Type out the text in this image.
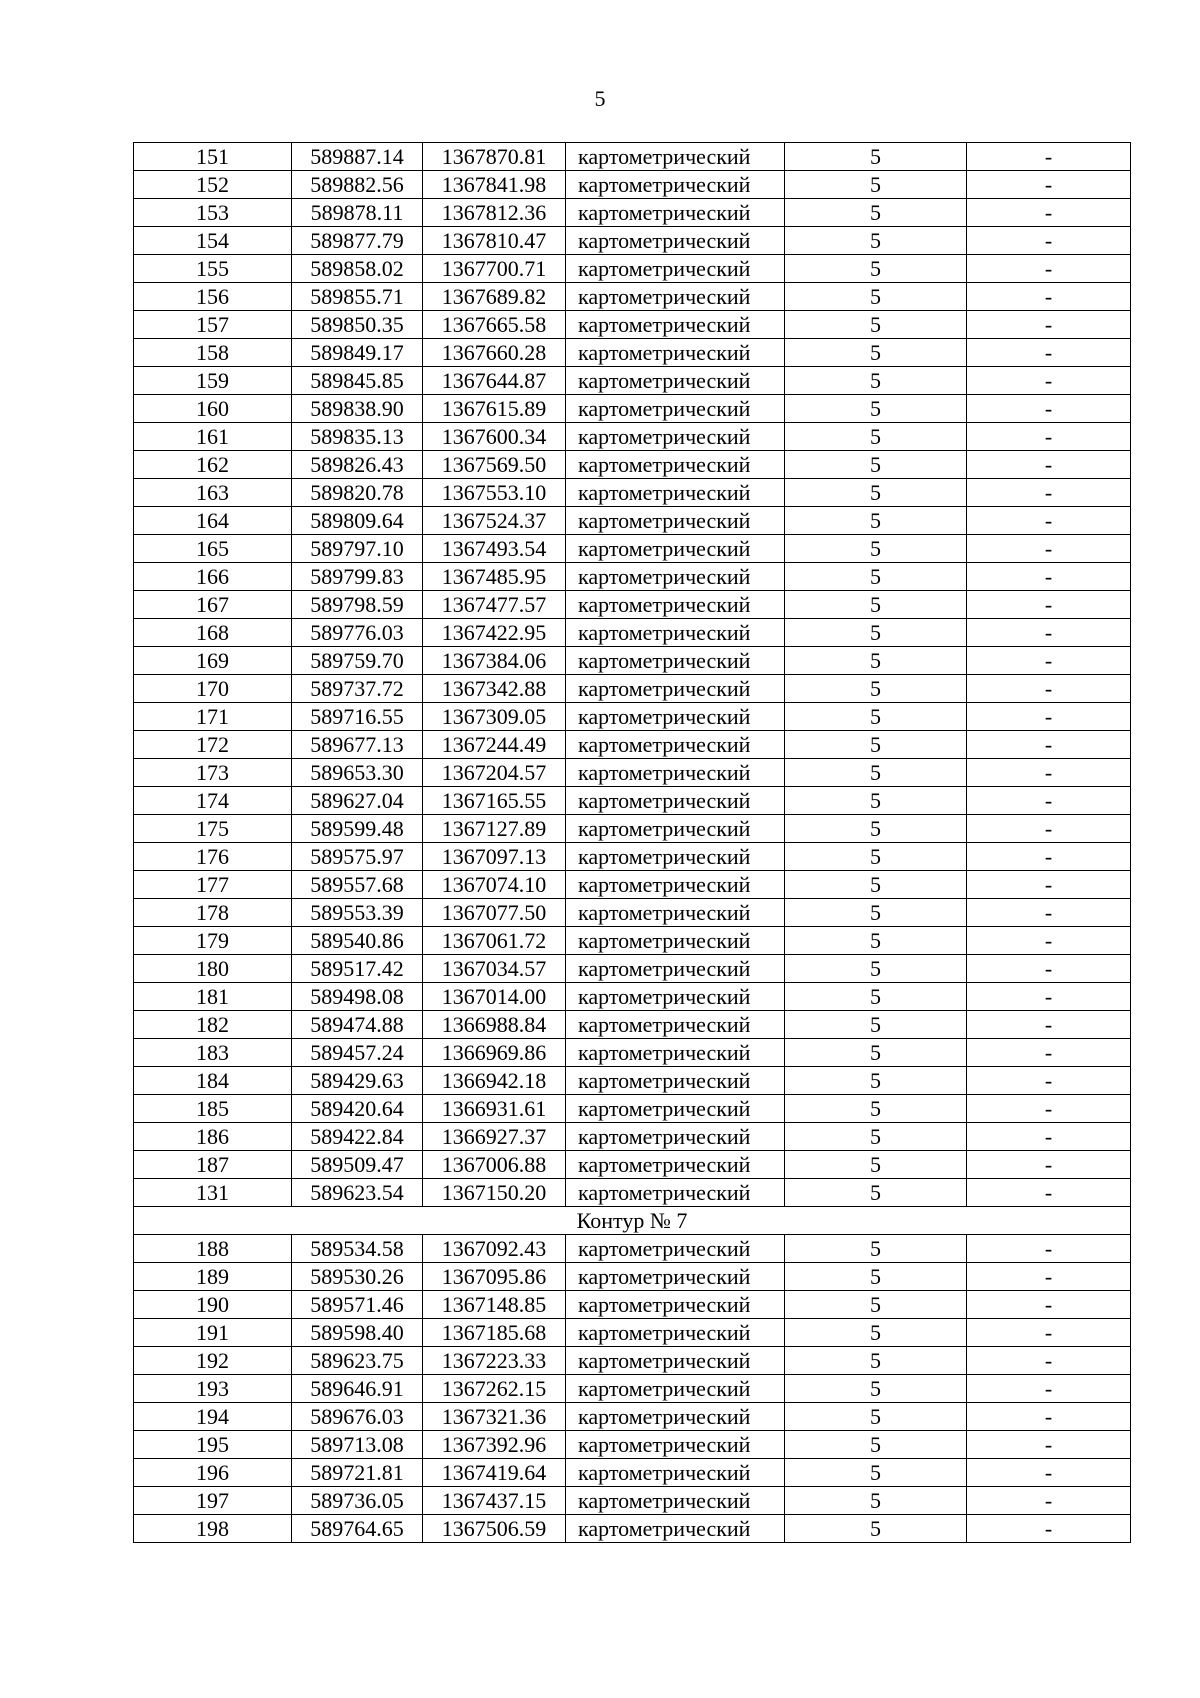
5
151	589887.14	1367870.81	картометрический	5	-
152	589882.56	1367841.98	картометрический	5	-
153	589878.11	1367812.36	картометрический	5	-
154	589877.79	1367810.47	картометрический	5	-
155	589858.02	1367700.71	картометрический	5	-
156	589855.71	1367689.82	картометрический	5	-
157	589850.35	1367665.58	картометрический	5	-
158	589849.17	1367660.28	картометрический	5	-
159	589845.85	1367644.87	картометрический	5	-
160	589838.90	1367615.89	картометрический	5	-
161	589835.13	1367600.34	картометрический	5	-
162	589826.43	1367569.50	картометрический	5	-
163	589820.78	1367553.10	картометрический	5	-
164	589809.64	1367524.37	картометрический	5	-
165	589797.10	1367493.54	картометрический	5	-
166	589799.83	1367485.95	картометрический	5	-
167	589798.59	1367477.57	картометрический	5	-
168	589776.03	1367422.95	картометрический	5	-
169	589759.70	1367384.06	картометрический	5	-
170	589737.72	1367342.88	картометрический	5	-
171	589716.55	1367309.05	картометрический	5	-
172	589677.13	1367244.49	картометрический	5	-
173	589653.30	1367204.57	картометрический	5	-
174	589627.04	1367165.55	картометрический	5	-
175	589599.48	1367127.89	картометрический	5	-
176	589575.97	1367097.13	картометрический	5	-
177	589557.68	1367074.10	картометрический	5	-
178	589553.39	1367077.50	картометрический	5	-
179	589540.86	1367061.72	картометрический	5	-
180	589517.42	1367034.57	картометрический	5	-
181	589498.08	1367014.00	картометрический	5	-
182	589474.88	1366988.84	картометрический	5	-
183	589457.24	1366969.86	картометрический	5	-
184	589429.63	1366942.18	картометрический	5	-
185	589420.64	1366931.61	картометрический	5	-
186	589422.84	1366927.37	картометрический	5	-
187	589509.47	1367006.88	картометрический	5	-
131	589623.54	1367150.20	картометрический	5	-
Контур № 7					
188	589534.58	1367092.43	картометрический	5	-
189	589530.26	1367095.86	картометрический	5	-
190	589571.46	1367148.85	картометрический	5	-
191	589598.40	1367185.68	картометрический	5	-
192	589623.75	1367223.33	картометрический	5	-
193	589646.91	1367262.15	картометрический	5	-
194	589676.03	1367321.36	картометрический	5	-
195	589713.08	1367392.96	картометрический	5	-
196	589721.81	1367419.64	картометрический	5	-
197	589736.05	1367437.15	картометрический	5	-
198	589764.65	1367506.59	картометрический	5	-
